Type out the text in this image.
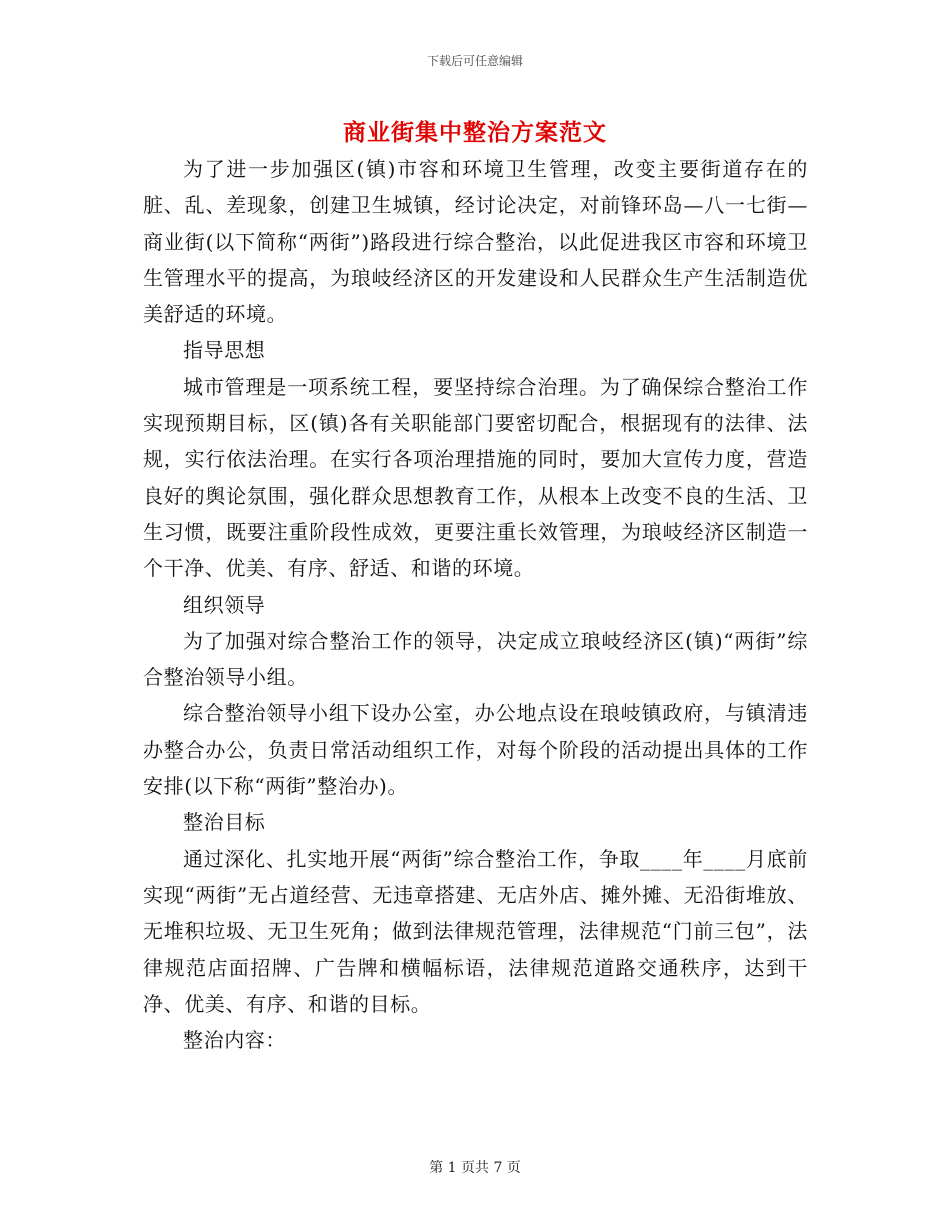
下载后可任意编辑
商业街集中整治方案范文

为了进一步加强区(镇)市容和环境卫生管理，改变主要街道存在的脏、乱、差现象，创建卫生城镇，经讨论决定，对前锋环岛—八一七街—商业街(以下简称“两街”)路段进行综合整治，以此促进我区市容和环境卫生管理水平的提高，为琅岐经济区的开发建设和人民群众生产生活制造优美舒适的环境。

指导思想

城市管理是一项系统工程，要坚持综合治理。为了确保综合整治工作实现预期目标，区(镇)各有关职能部门要密切配合，根据现有的法律、法规，实行依法治理。在实行各项治理措施的同时，要加大宣传力度，营造良好的舆论氛围，强化群众思想教育工作，从根本上改变不良的生活、卫生习惯，既要注重阶段性成效，更要注重长效管理，为琅岐经济区制造一个干净、优美、有序、舒适、和谐的环境。

组织领导

为了加强对综合整治工作的领导，决定成立琅岐经济区(镇)“两街”综合整治领导小组。

综合整治领导小组下设办公室，办公地点设在琅岐镇政府，与镇清违办整合办公，负责日常活动组织工作，对每个阶段的活动提出具体的工作安排(以下称“两街”整治办)。

整治目标

通过深化、扎实地开展“两街”综合整治工作，争取____年____月底前实现“两街”无占道经营、无违章搭建、无店外店、摊外摊、无沿街堆放、无堆积垃圾、无卫生死角；做到法律规范管理，法律规范“门前三包”，法律规范店面招牌、广告牌和横幅标语，法律规范道路交通秩序，达到干净、优美、有序、和谐的目标。

整治内容：

第 1 页共 7 页
